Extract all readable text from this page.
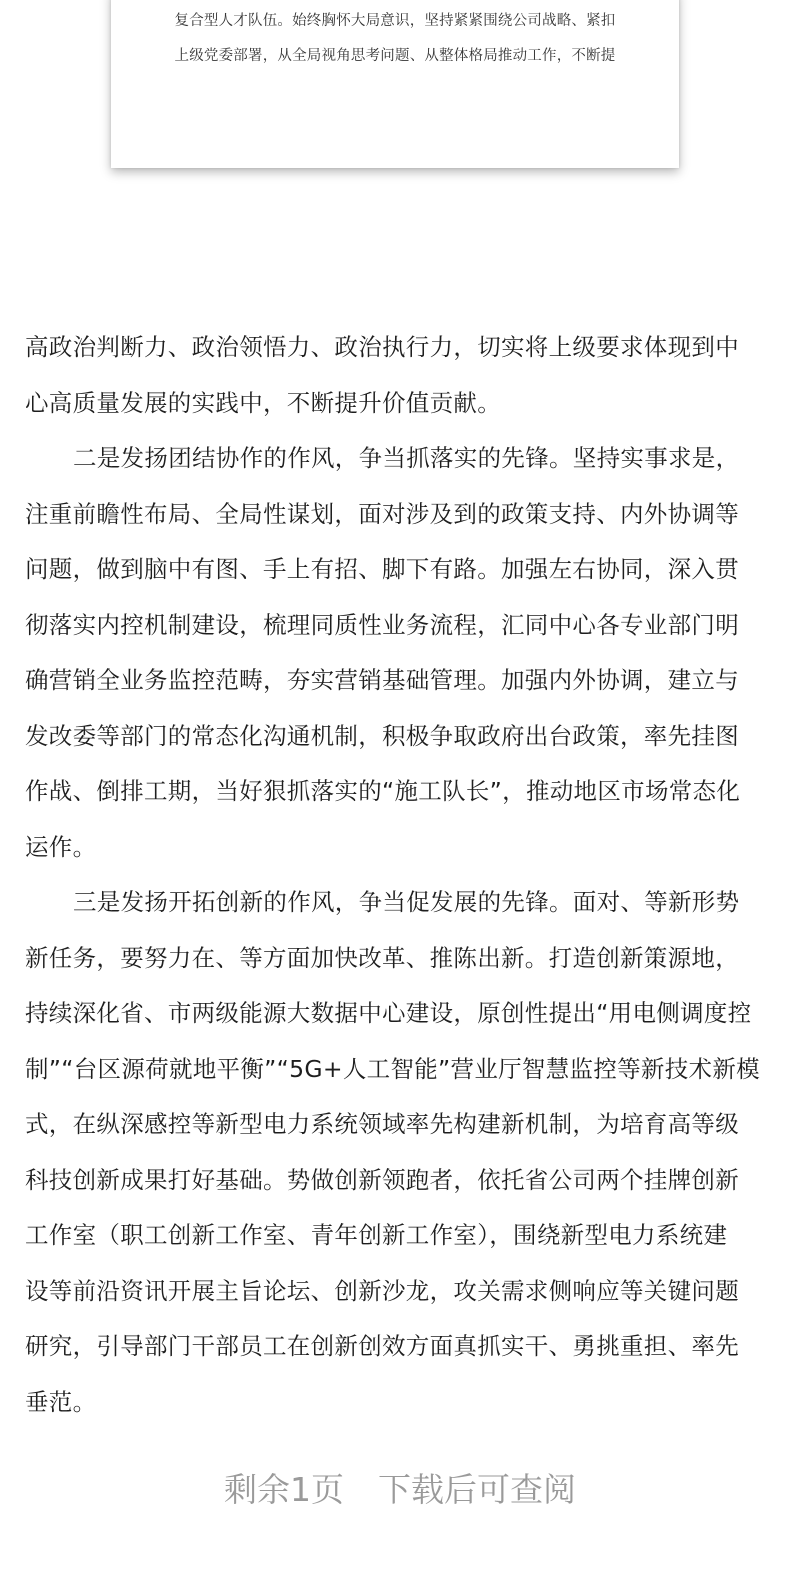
复合型人才队伍。始终胸怀大局意识，坚持紧紧围绕公司战略、紧扣
上级党委部署，从全局视角思考问题、从整体格局推动工作，不断提
高政治判断力、政治领悟力、政治执行力，切实将上级要求体现到中
心高质量发展的实践中，不断提升价值贡献。
二是发扬团结协作的作风，争当抓落实的先锋。坚持实事求是，
注重前瞻性布局、全局性谋划，面对涉及到的政策支持、内外协调等
问题，做到脑中有图、手上有招、脚下有路。加强左右协同，深入贯
彻落实内控机制建设，梳理同质性业务流程，汇同中心各专业部门明
确营销全业务监控范畴，夯实营销基础管理。加强内外协调，建立与
发改委等部门的常态化沟通机制，积极争取政府出台政策，率先挂图
作战、倒排工期，当好狠抓落实的“施工队长”，推动地区市场常态化
运作。
三是发扬开拓创新的作风，争当促发展的先锋。面对、等新形势
新任务，要努力在、等方面加快改革、推陈出新。打造创新策源地，
持续深化省、市两级能源大数据中心建设，原创性提出“用电侧调度控
制”“台区源荷就地平衡”“5G+人工智能”营业厅智慧监控等新技术新模
式，在纵深感控等新型电力系统领域率先构建新机制，为培育高等级
科技创新成果打好基础。势做创新领跑者，依托省公司两个挂牌创新
工作室（职工创新工作室、青年创新工作室），围绕新型电力系统建
设等前沿资讯开展主旨论坛、创新沙龙，攻关需求侧响应等关键问题
研究，引导部门干部员工在创新创效方面真抓实干、勇挑重担、率先
垂范。
剩余1页 下载后可查阅
